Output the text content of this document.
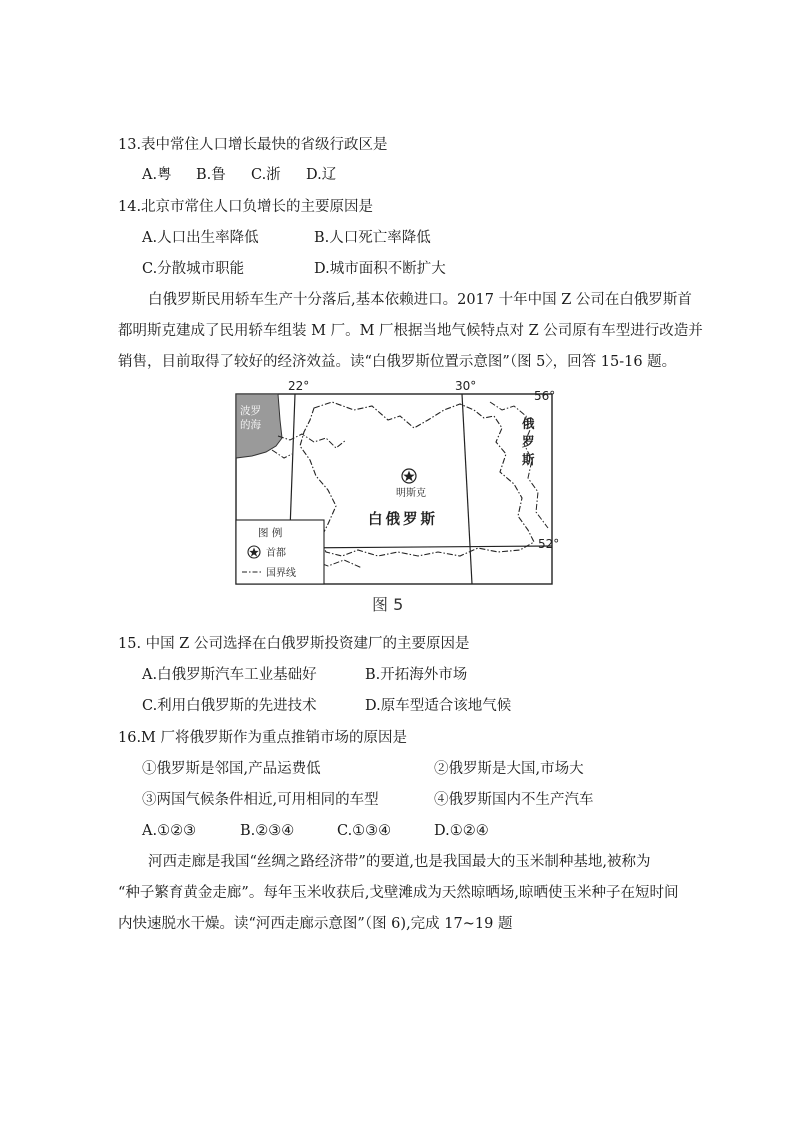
13.表中常住人口增长最快的省级行政区是
A.粤 B.鲁 C.浙 D.辽
14.北京市常住人口负增长的主要原因是
A.人口出生率降低	B.人口死亡率降低
C.分散城市职能	D.城市面积不断扩大
白俄罗斯民用轿车生产十分落后,基本依赖进口。2017 十年中国 Z 公司在白俄罗斯首
都明斯克建成了民用轿车组装 M 厂。M 厂根据当地气候特点对 Z 公司原有车型进行改造并
销售，目前取得了较好的经济效益。读“白俄罗斯位置示意图”（图 5〉，回答 15-16 题。
波罗
的海
22°	30°
56°
52°
俄
罗
斯
明斯克
白俄罗斯
图 例
首都
国界线
图 5
15. 中国 Z 公司选择在白俄罗斯投资建厂的主要原因是
A.白俄罗斯汽车工业基础好	B.开拓海外市场
C.利用白俄罗斯的先进技术	D.原车型适合该地气候
16.M 厂将俄罗斯作为重点推销市场的原因是
①俄罗斯是邻国,产品运费低	②俄罗斯是大国,市场大
③两国气候条件相近,可用相同的车型	④俄罗斯国内不生产汽车
A.①②③	B.②③④	C.①③④	D.①②④
河西走廊是我国“丝绸之路经济带”的要道,也是我国最大的玉米制种基地,被称为
“种子繁育黄金走廊”。每年玉米收获后,戈壁滩成为天然晾晒场,晾晒使玉米种子在短时间
内快速脱水干燥。读“河西走廊示意图”（图 6),完成 17~19 题
